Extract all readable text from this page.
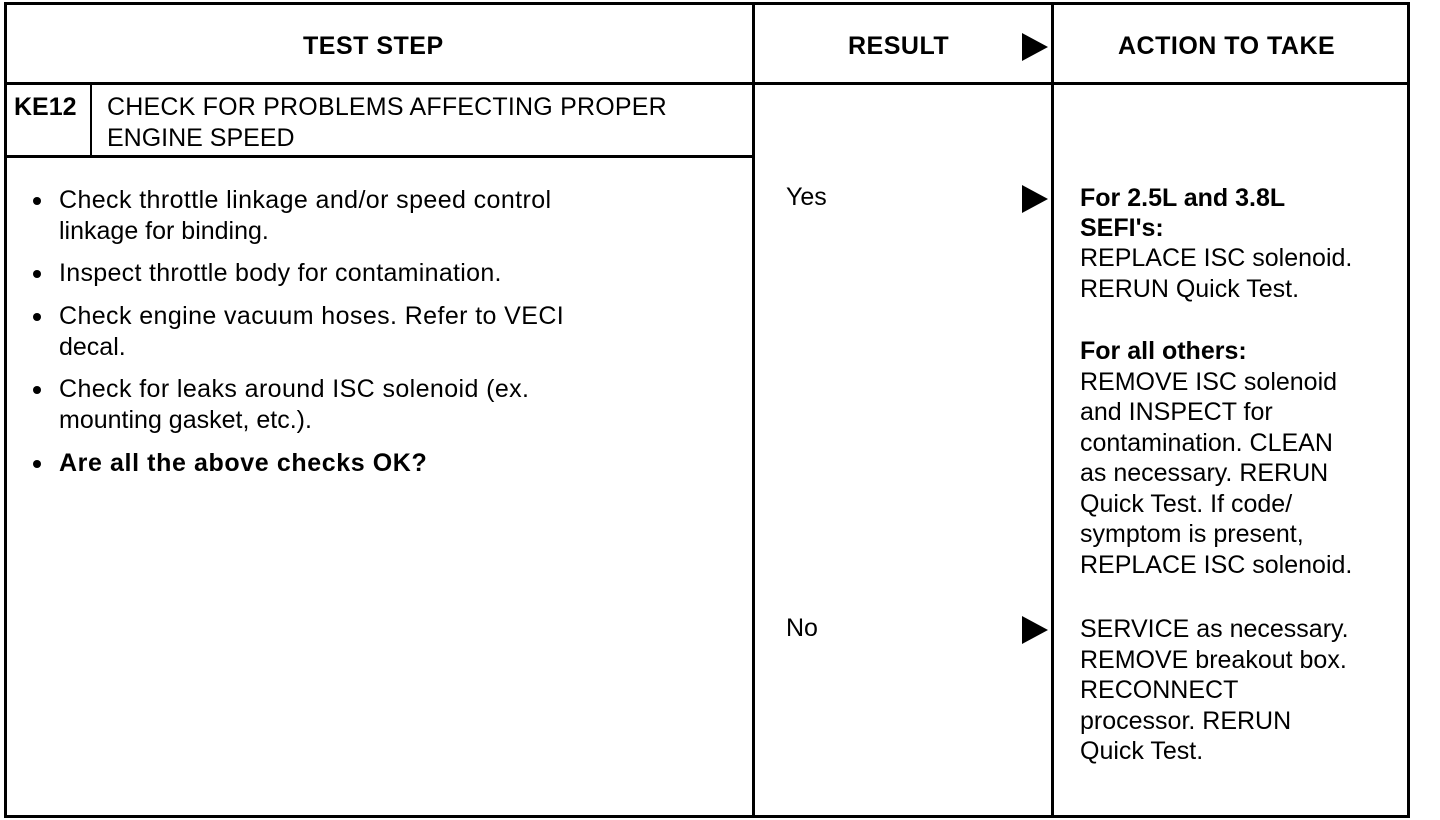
TEST STEP	RESULT	ACTION TO TAKE
KE12 CHECK FOR PROBLEMS AFFECTING PROPER
ENGINE SPEED
Check throttle linkage and/or speed control
linkage for binding.
Inspect throttle body for contamination.
Check engine vacuum hoses. Refer to VECI
decal.
Check for leaks around ISC solenoid (ex.
mounting gasket, etc.).
Are all the above checks OK?
Yes
No
For 2.5L and 3.8L
SEFI's:
REPLACE ISC solenoid.
RERUN Quick Test.
For all others:
REMOVE ISC solenoid
and INSPECT for
contamination. CLEAN
as necessary. RERUN
Quick Test. If code/
symptom is present,
REPLACE ISC solenoid.
SERVICE as necessary.
REMOVE breakout box.
RECONNECT
processor. RERUN
Quick Test.
